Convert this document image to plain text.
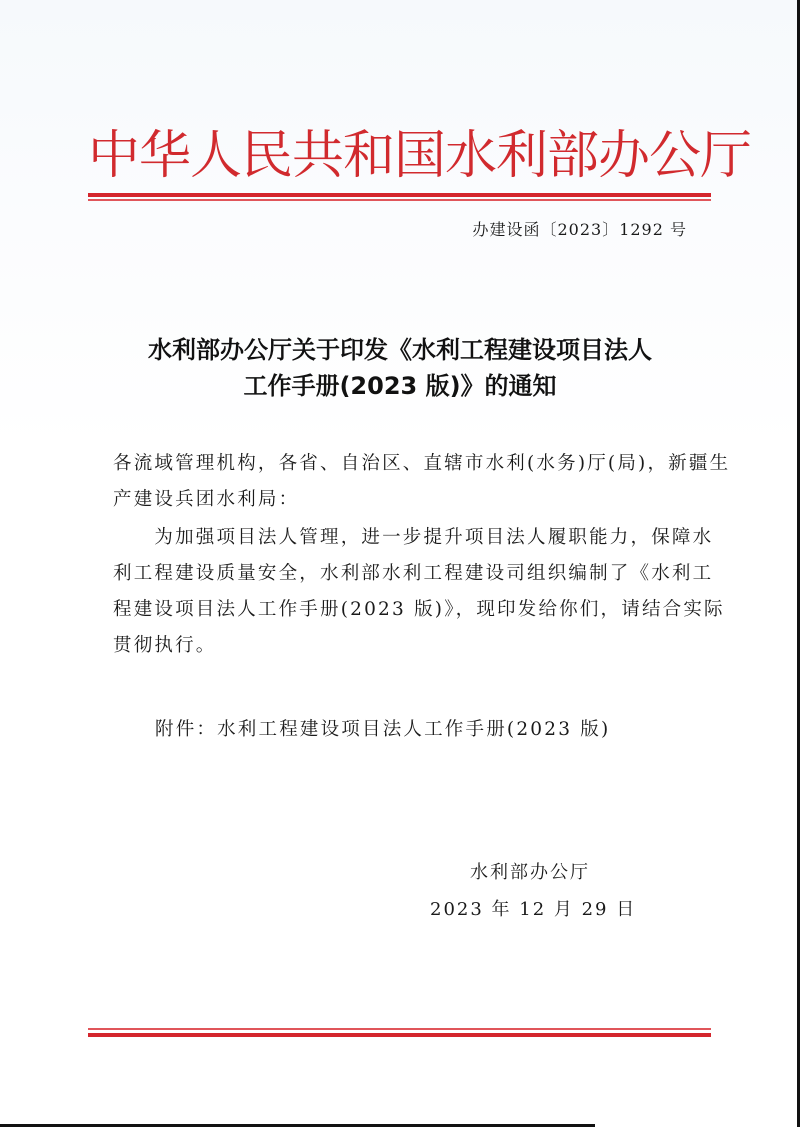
中华人民共和国水利部办公厅
办建设函〔2023〕1292 号
水利部办公厅关于印发《水利工程建设项目法人
工作手册(2023 版)》的通知
各流域管理机构，各省、自治区、直辖市水利(水务)厅(局)，新疆生
产建设兵团水利局：
　　为加强项目法人管理，进一步提升项目法人履职能力，保障水
利工程建设质量安全，水利部水利工程建设司组织编制了《水利工
程建设项目法人工作手册(2023 版)》，现印发给你们，请结合实际
贯彻执行。
附件：水利工程建设项目法人工作手册(2023 版)
水利部办公厅
2023 年 12 月 29 日
